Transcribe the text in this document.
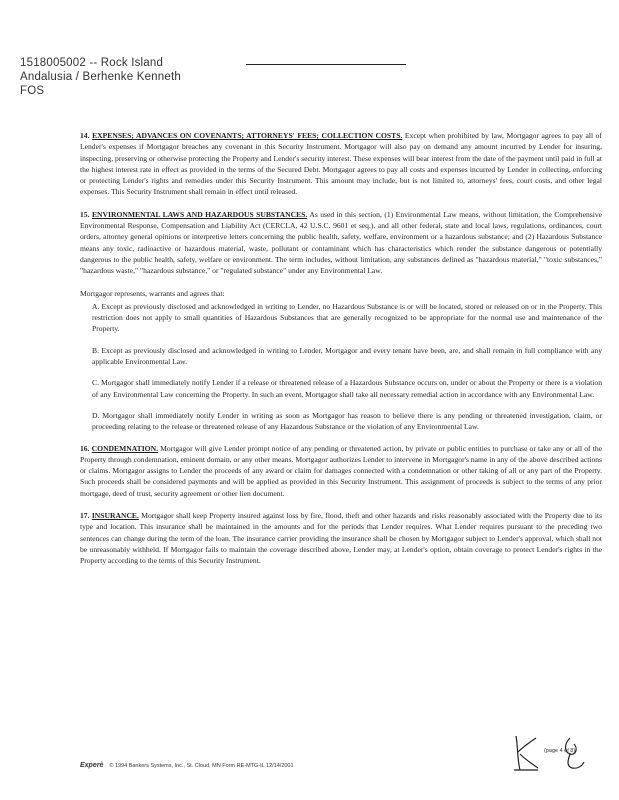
1518005002 -- Rock Island
Andalusia / Berhenke Kenneth
FOS

14. EXPENSES; ADVANCES ON COVENANTS; ATTORNEYS' FEES; COLLECTION COSTS. Except when prohibited by law, Mortgagor agrees to pay all of Lender's expenses if Mortgagor breaches any covenant in this Security Instrument. Mortgagor will also pay on demand any amount incurred by Lender for insuring, inspecting, preserving or otherwise protecting the Property and Lender's security interest. These expenses will bear interest from the date of the payment until paid in full at the highest interest rate in effect as provided in the terms of the Secured Debt. Mortgagor agrees to pay all costs and expenses incurred by Lender in collecting, enforcing or protecting Lender's rights and remedies under this Security Instrument. This amount may include, but is not limited to, attorneys' fees, court costs, and other legal expenses. This Security Instrument shall remain in effect until released.

15. ENVIRONMENTAL LAWS AND HAZARDOUS SUBSTANCES. As used in this section, (1) Environmental Law means, without limitation, the Comprehensive Environmental Response, Compensation and Liability Act (CERCLA, 42 U.S.C. 9601 et seq.), and all other federal, state and local laws, regulations, ordinances, court orders, attorney general opinions or interpretive letters concerning the public health, safety, welfare, environment or a hazardous substance; and (2) Hazardous Substance means any toxic, radioactive or hazardous material, waste, pollutant or contaminant which has characteristics which render the substance dangerous or potentially dangerous to the public health, safety, welfare or environment. The term includes, without limitation, any substances defined as "hazardous material," "toxic substances," "hazardous waste," "hazardous substance," or "regulated substance" under any Environmental Law.

Mortgagor represents, warrants and agrees that:

A. Except as previously disclosed and acknowledged in writing to Lender, no Hazardous Substance is or will be located, stored or released on or in the Property. This restriction does not apply to small quantities of Hazardous Substances that are generally recognized to be appropriate for the normal use and maintenance of the Property.

B. Except as previously disclosed and acknowledged in writing to Lender, Mortgagor and every tenant have been, are, and shall remain in full compliance with any applicable Environmental Law.

C. Mortgagor shall immediately notify Lender if a release or threatened release of a Hazardous Substance occurs on, under or about the Property or there is a violation of any Environmental Law concerning the Property. In such an event, Mortgagor shall take all necessary remedial action in accordance with any Environmental Law.

D. Mortgagor shall immediately notify Lender in writing as soon as Mortgagor has reason to believe there is any pending or threatened investigation, claim, or proceeding relating to the release or threatened release of any Hazardous Substance or the violation of any Environmental Law.

16. CONDEMNATION. Mortgagor will give Lender prompt notice of any pending or threatened action, by private or public entities to purchase or take any or all of the Property through condemnation, eminent domain, or any other means. Mortgagor authorizes Lender to intervene in Mortgagor's name in any of the above described actions or claims. Mortgagor assigns to Lender the proceeds of any award or claim for damages connected with a condemnation or other taking of all or any part of the Property. Such proceeds shall be considered payments and will be applied as provided in this Security Instrument. This assignment of proceeds is subject to the terms of any prior mortgage, deed of trust, security agreement or other lien document.

17. INSURANCE. Mortgagor shall keep Property insured against loss by fire, flood, theft and other hazards and risks reasonably associated with the Property due to its type and location. This insurance shall be maintained in the amounts and for the periods that Lender requires. What Lender requires pursuant to the preceding two sentences can change during the term of the loan. The insurance carrier providing the insurance shall be chosen by Mortgagor subject to Lender's approval, which shall not be unreasonably withheld. If Mortgagor fails to maintain the coverage described above, Lender may, at Lender's option, obtain coverage to protect Lender's rights in the Property according to the terms of this Security Instrument.

(page 4 of 8)
Experè © 1994 Bankers Systems, Inc., St. Cloud, MN Form RE-MTG-IL 12/14/2001
